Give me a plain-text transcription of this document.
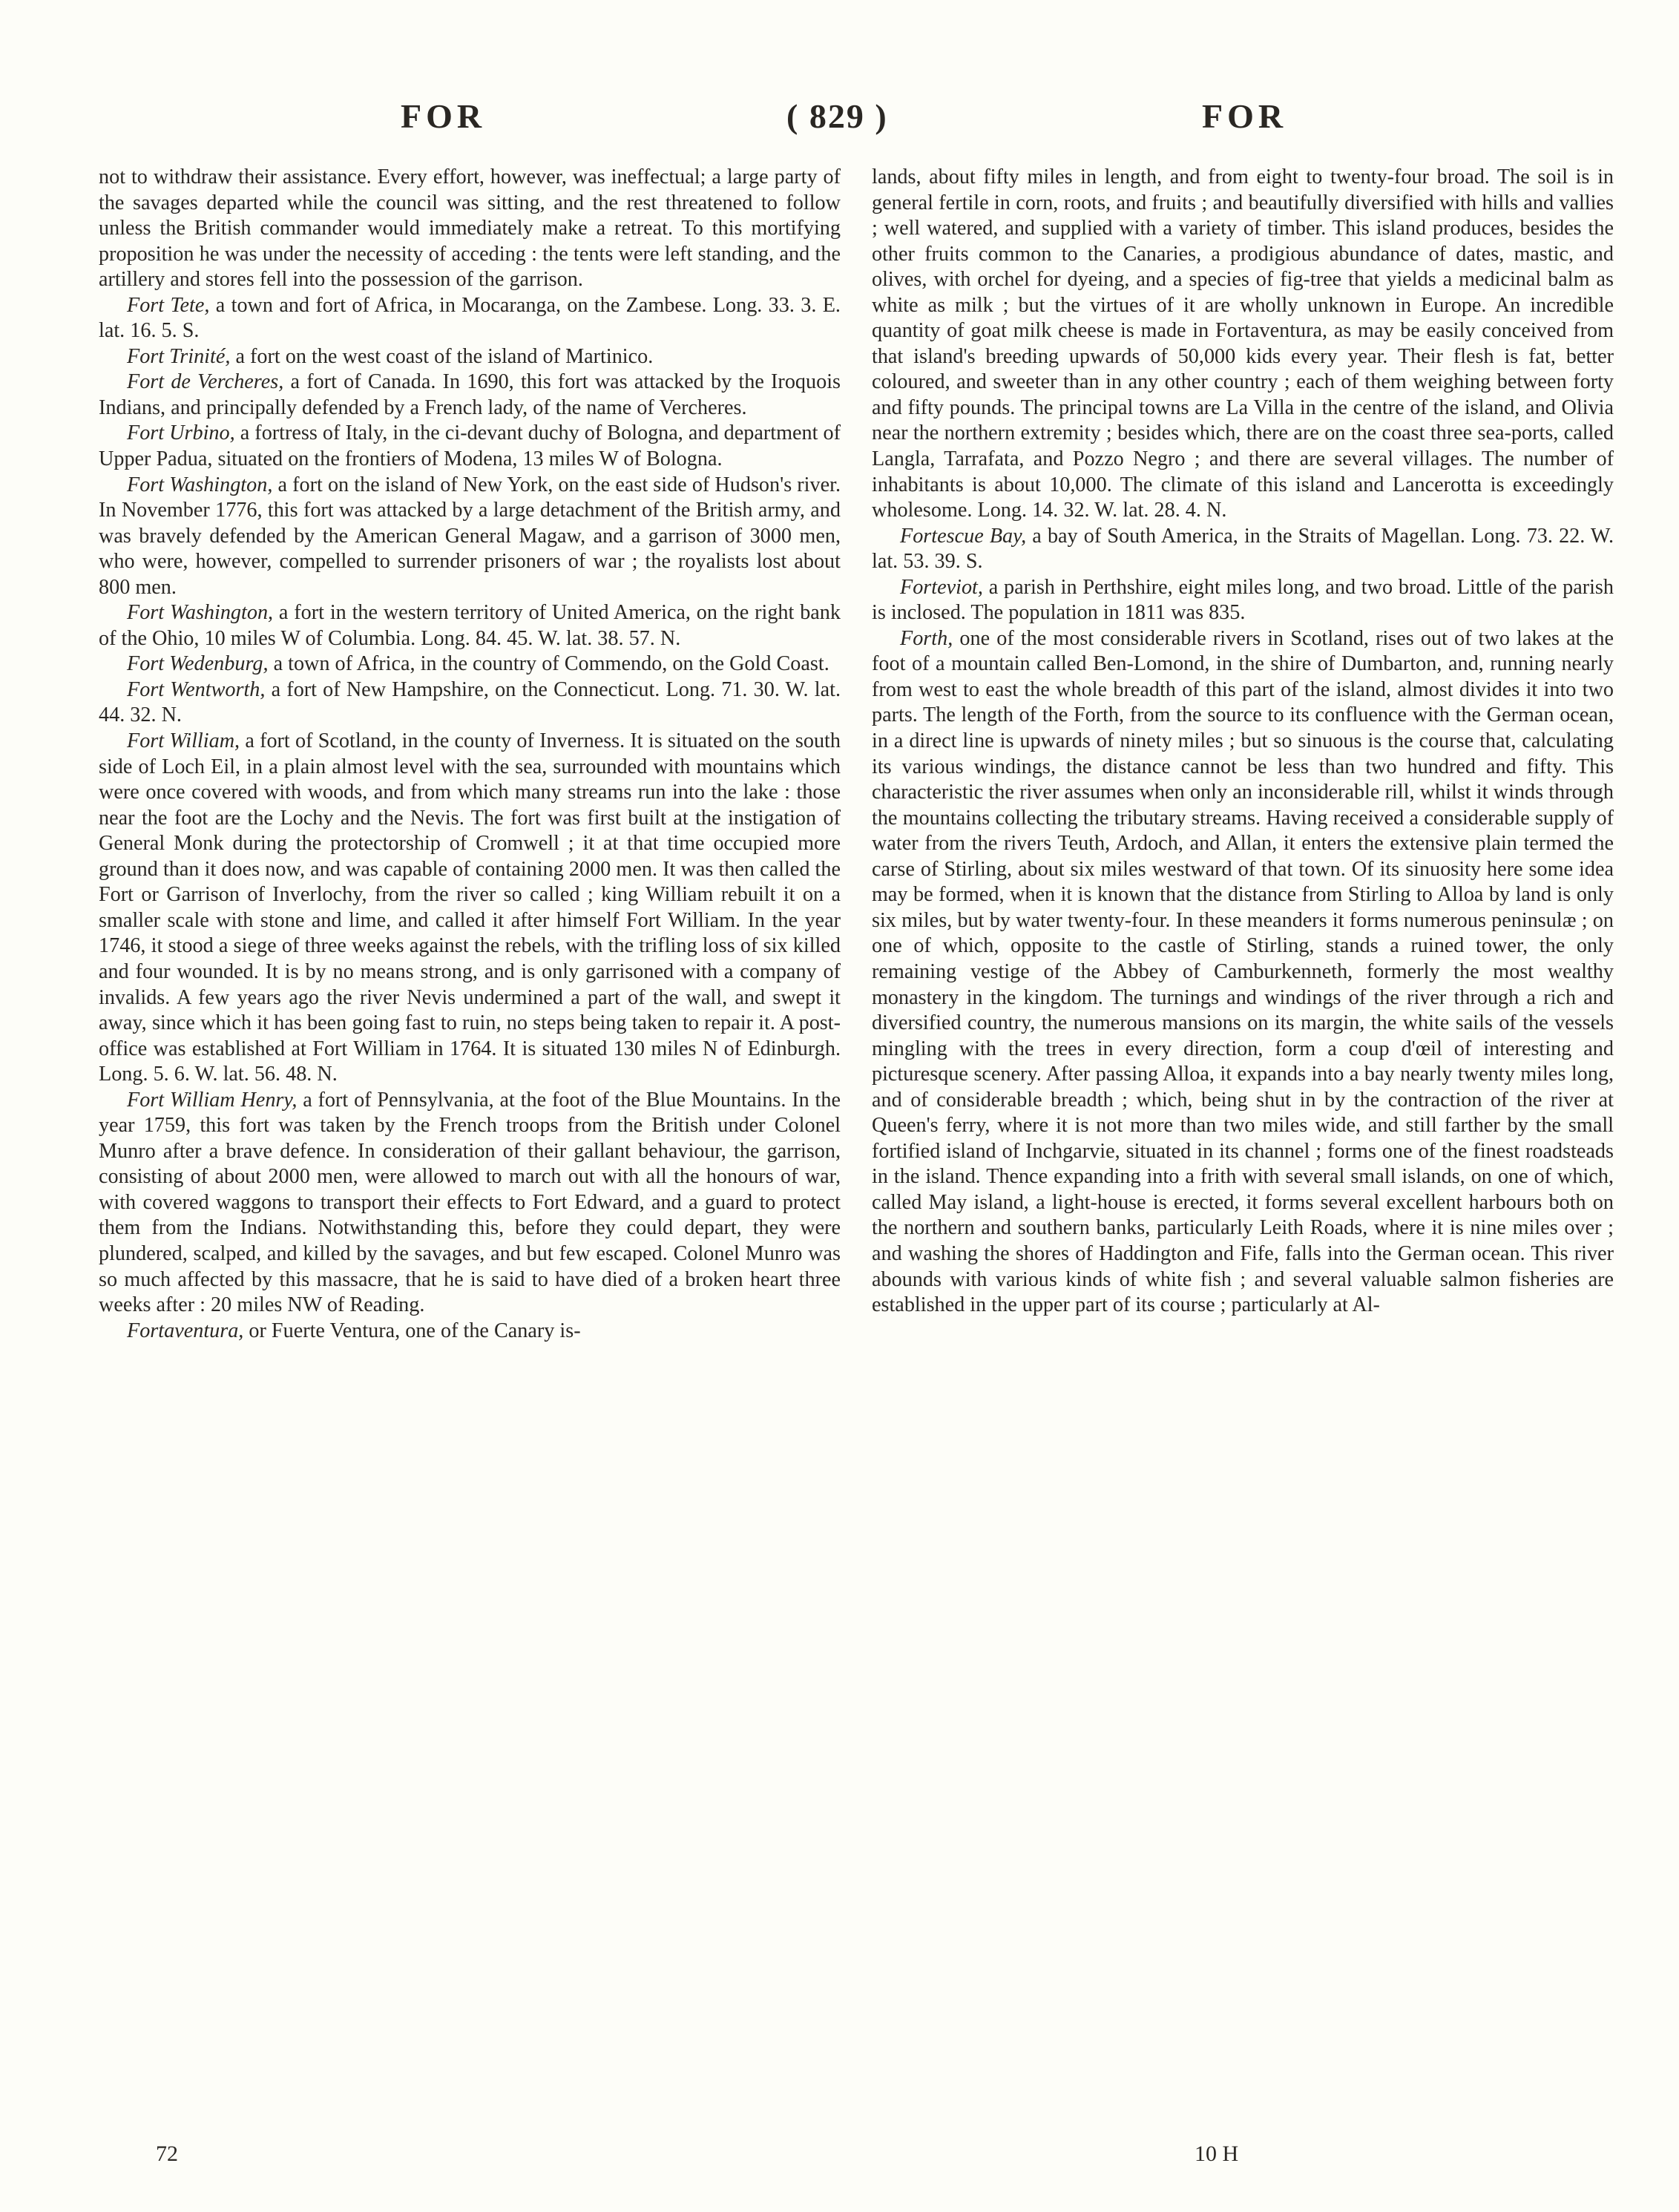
FOR	( 829 )	FOR

not to withdraw their assistance. Every effort, however, was ineffectual; a large party of the savages departed while the council was sitting, and the rest threatened to follow unless the British commander would immediately make a retreat. To this mortifying proposition he was under the necessity of acceding : the tents were left standing, and the artillery and stores fell into the possession of the garrison.

Fort Tete, a town and fort of Africa, in Mocaranga, on the Zambese. Long. 33. 3. E. lat. 16. 5. S.

Fort Trinité, a fort on the west coast of the island of Martinico.

Fort de Vercheres, a fort of Canada. In 1690, this fort was attacked by the Iroquois Indians, and principally defended by a French lady, of the name of Vercheres.

Fort Urbino, a fortress of Italy, in the ci-devant duchy of Bologna, and department of Upper Padua, situated on the frontiers of Modena, 13 miles W of Bologna.

Fort Washington, a fort on the island of New York, on the east side of Hudson's river. In November 1776, this fort was attacked by a large detachment of the British army, and was bravely defended by the American General Magaw, and a garrison of 3000 men, who were, however, compelled to surrender prisoners of war ; the royalists lost about 800 men.

Fort Washington, a fort in the western territory of United America, on the right bank of the Ohio, 10 miles W of Columbia. Long. 84. 45. W. lat. 38. 57. N.

Fort Wedenburg, a town of Africa, in the country of Commendo, on the Gold Coast.

Fort Wentworth, a fort of New Hampshire, on the Connecticut. Long. 71. 30. W. lat. 44. 32. N.

Fort William, a fort of Scotland, in the county of Inverness. It is situated on the south side of Loch Eil, in a plain almost level with the sea, surrounded with mountains which were once covered with woods, and from which many streams run into the lake : those near the foot are the Lochy and the Nevis. The fort was first built at the instigation of General Monk during the protectorship of Cromwell ; it at that time occupied more ground than it does now, and was capable of containing 2000 men. It was then called the Fort or Garrison of Inverlochy, from the river so called ; king William rebuilt it on a smaller scale with stone and lime, and called it after himself Fort William. In the year 1746, it stood a siege of three weeks against the rebels, with the trifling loss of six killed and four wounded. It is by no means strong, and is only garrisoned with a company of invalids. A few years ago the river Nevis undermined a part of the wall, and swept it away, since which it has been going fast to ruin, no steps being taken to repair it. A post-office was established at Fort William in 1764. It is situated 130 miles N of Edinburgh. Long. 5. 6. W. lat. 56. 48. N.

Fort William Henry, a fort of Pennsylvania, at the foot of the Blue Mountains. In the year 1759, this fort was taken by the French troops from the British under Colonel Munro after a brave defence. In consideration of their gallant behaviour, the garrison, consisting of about 2000 men, were allowed to march out with all the honours of war, with covered waggons to transport their effects to Fort Edward, and a guard to protect them from the Indians. Notwithstanding this, before they could depart, they were plundered, scalped, and killed by the savages, and but few escaped. Colonel Munro was so much affected by this massacre, that he is said to have died of a broken heart three weeks after : 20 miles NW of Reading.

Fortaventura, or Fuerte Ventura, one of the Canary is-

lands, about fifty miles in length, and from eight to twenty-four broad. The soil is in general fertile in corn, roots, and fruits ; and beautifully diversified with hills and vallies ; well watered, and supplied with a variety of timber. This island produces, besides the other fruits common to the Canaries, a prodigious abundance of dates, mastic, and olives, with orchel for dyeing, and a species of fig-tree that yields a medicinal balm as white as milk ; but the virtues of it are wholly unknown in Europe. An incredible quantity of goat milk cheese is made in Fortaventura, as may be easily conceived from that island's breeding upwards of 50,000 kids every year. Their flesh is fat, better coloured, and sweeter than in any other country ; each of them weighing between forty and fifty pounds. The principal towns are La Villa in the centre of the island, and Olivia near the northern extremity ; besides which, there are on the coast three sea-ports, called Langla, Tarrafata, and Pozzo Negro ; and there are several villages. The number of inhabitants is about 10,000. The climate of this island and Lancerotta is exceedingly wholesome. Long. 14. 32. W. lat. 28. 4. N.

Fortescue Bay, a bay of South America, in the Straits of Magellan. Long. 73. 22. W. lat. 53. 39. S.

Forteviot, a parish in Perthshire, eight miles long, and two broad. Little of the parish is inclosed. The population in 1811 was 835.

Forth, one of the most considerable rivers in Scotland, rises out of two lakes at the foot of a mountain called Ben-Lomond, in the shire of Dumbarton, and, running nearly from west to east the whole breadth of this part of the island, almost divides it into two parts. The length of the Forth, from the source to its confluence with the German ocean, in a direct line is upwards of ninety miles ; but so sinuous is the course that, calculating its various windings, the distance cannot be less than two hundred and fifty. This characteristic the river assumes when only an inconsiderable rill, whilst it winds through the mountains collecting the tributary streams. Having received a considerable supply of water from the rivers Teuth, Ardoch, and Allan, it enters the extensive plain termed the carse of Stirling, about six miles westward of that town. Of its sinuosity here some idea may be formed, when it is known that the distance from Stirling to Alloa by land is only six miles, but by water twenty-four. In these meanders it forms numerous peninsulæ ; on one of which, opposite to the castle of Stirling, stands a ruined tower, the only remaining vestige of the Abbey of Camburkenneth, formerly the most wealthy monastery in the kingdom. The turnings and windings of the river through a rich and diversified country, the numerous mansions on its margin, the white sails of the vessels mingling with the trees in every direction, form a coup d'œil of interesting and picturesque scenery. After passing Alloa, it expands into a bay nearly twenty miles long, and of considerable breadth ; which, being shut in by the contraction of the river at Queen's ferry, where it is not more than two miles wide, and still farther by the small fortified island of Inchgarvie, situated in its channel ; forms one of the finest roadsteads in the island. Thence expanding into a frith with several small islands, on one of which, called May island, a light-house is erected, it forms several excellent harbours both on the northern and southern banks, particularly Leith Roads, where it is nine miles over ; and washing the shores of Haddington and Fife, falls into the German ocean. This river abounds with various kinds of white fish ; and several valuable salmon fisheries are established in the upper part of its course ; particularly at Al-

72	10 H
